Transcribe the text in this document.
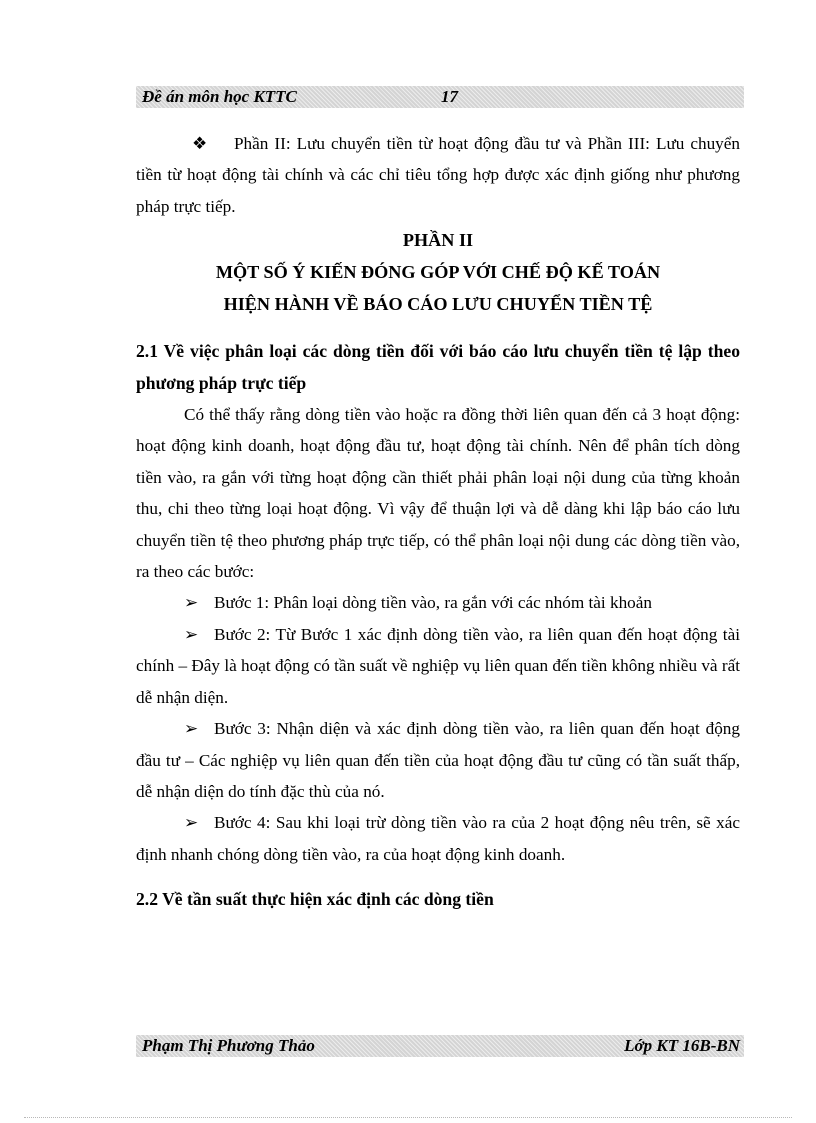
Đề án môn học KTTC	17

❖ Phần II: Lưu chuyển tiền từ hoạt động đầu tư và Phần III: Lưu chuyển tiền từ hoạt động tài chính và các chỉ tiêu tổng hợp được xác định giống như phương pháp trực tiếp.

PHẦN II

MỘT SỐ Ý KIẾN ĐÓNG GÓP VỚI CHẾ ĐỘ KẾ TOÁN

HIỆN HÀNH VỀ BÁO CÁO LƯU CHUYỂN TIỀN TỆ

2.1 Về việc phân loại các dòng tiền đối với báo cáo lưu chuyển tiền tệ lập theo phương pháp trực tiếp

Có thể thấy rằng dòng tiền vào hoặc ra đồng thời liên quan đến cả 3 hoạt động: hoạt động kinh doanh, hoạt động đầu tư, hoạt động tài chính. Nên để phân tích dòng tiền vào, ra gắn với từng hoạt động cần thiết phải phân loại nội dung của từng khoản thu, chi theo từng loại hoạt động. Vì vậy để thuận lợi và dễ dàng khi lập báo cáo lưu chuyển tiền tệ theo phương pháp trực tiếp, có thể phân loại nội dung các dòng tiền vào, ra theo các bước:

➢ Bước 1: Phân loại dòng tiền vào, ra gắn với các nhóm tài khoản

➢ Bước 2: Từ Bước 1 xác định dòng tiền vào, ra liên quan đến hoạt động tài chính – Đây là hoạt động có tần suất về nghiệp vụ liên quan đến tiền không nhiều và rất dễ nhận diện.

➢ Bước 3: Nhận diện và xác định dòng tiền vào, ra liên quan đến hoạt động đầu tư – Các nghiệp vụ liên quan đến tiền của hoạt động đầu tư cũng có tần suất thấp, dễ nhận diện do tính đặc thù của nó.

➢ Bước 4: Sau khi loại trừ dòng tiền vào ra của 2 hoạt động nêu trên, sẽ xác định nhanh chóng dòng tiền vào, ra của hoạt động kinh doanh.

2.2 Về tần suất thực hiện xác định các dòng tiền

Phạm Thị Phương Thảo	Lớp KT 16B-BN
